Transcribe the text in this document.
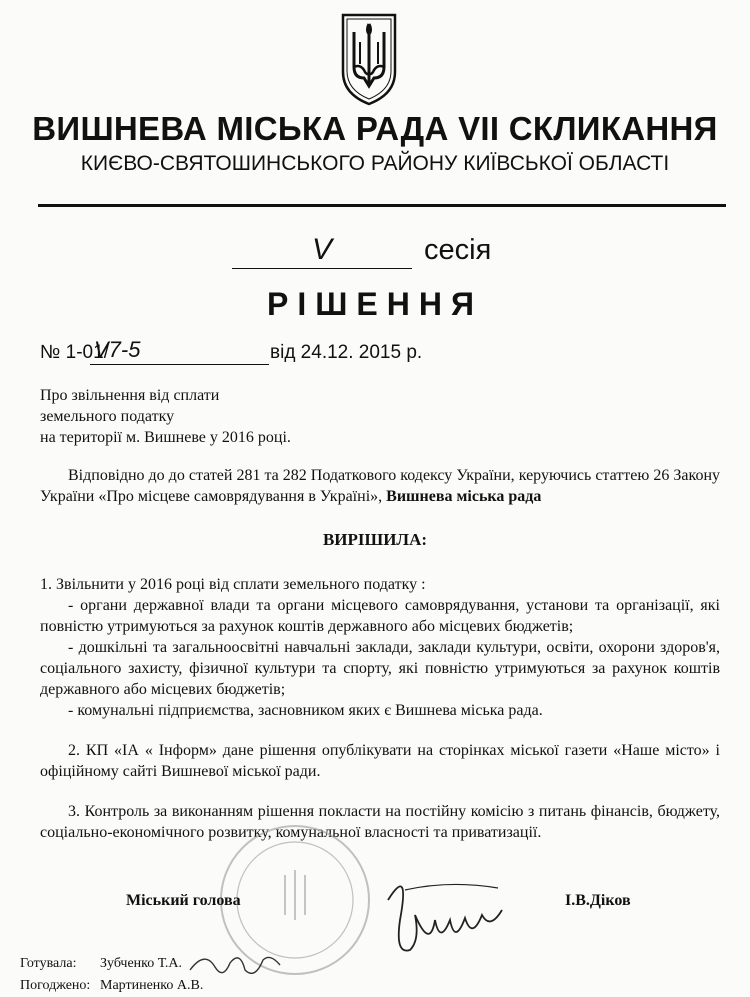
ВИШНЕВА МІСЬКА РАДА VII СКЛИКАННЯ
КИЄВО-СВЯТОШИНСЬКОГО РАЙОНУ КИЇВСЬКОЇ ОБЛАСТІ
V	сесія
РІШЕННЯ
№ 1-01/
V7-5	від 24.12. 2015 р.
Про звільнення від сплати
земельного податку
на території м. Вишневе у 2016 році.
Відповідно до до статей 281 та 282 Податкового кодексу України, керуючись статтею 26 Закону України «Про місцеве самоврядування в Україні», Вишнева міська рада
ВИРІШИЛА:
1. Звільнити у 2016 році від сплати земельного податку :
- органи державної влади та органи місцевого самоврядування, установи та організації, які повністю утримуються за рахунок коштів державного або місцевих бюджетів;
- дошкільні та загальноосвітні навчальні заклади, заклади культури, освіти, охорони здоров'я, соціального захисту, фізичної культури та спорту, які повністю утримуються за рахунок коштів державного або місцевих бюджетів;
- комунальні підприємства, засновником яких є Вишнева міська рада.
2. КП «ІА « Інформ» дане рішення опублікувати на сторінках міської газети «Наше місто» і офіційному сайті Вишневої міської ради.
3. Контроль за виконанням рішення покласти на постійну комісію з питань фінансів, бюджету, соціально-економічного розвитку, комунальної власності та приватизації.
Міський голова	І.В.Діков
Готувала: Зубченко Т.А.
Погоджено: Мартиненко А.В.
